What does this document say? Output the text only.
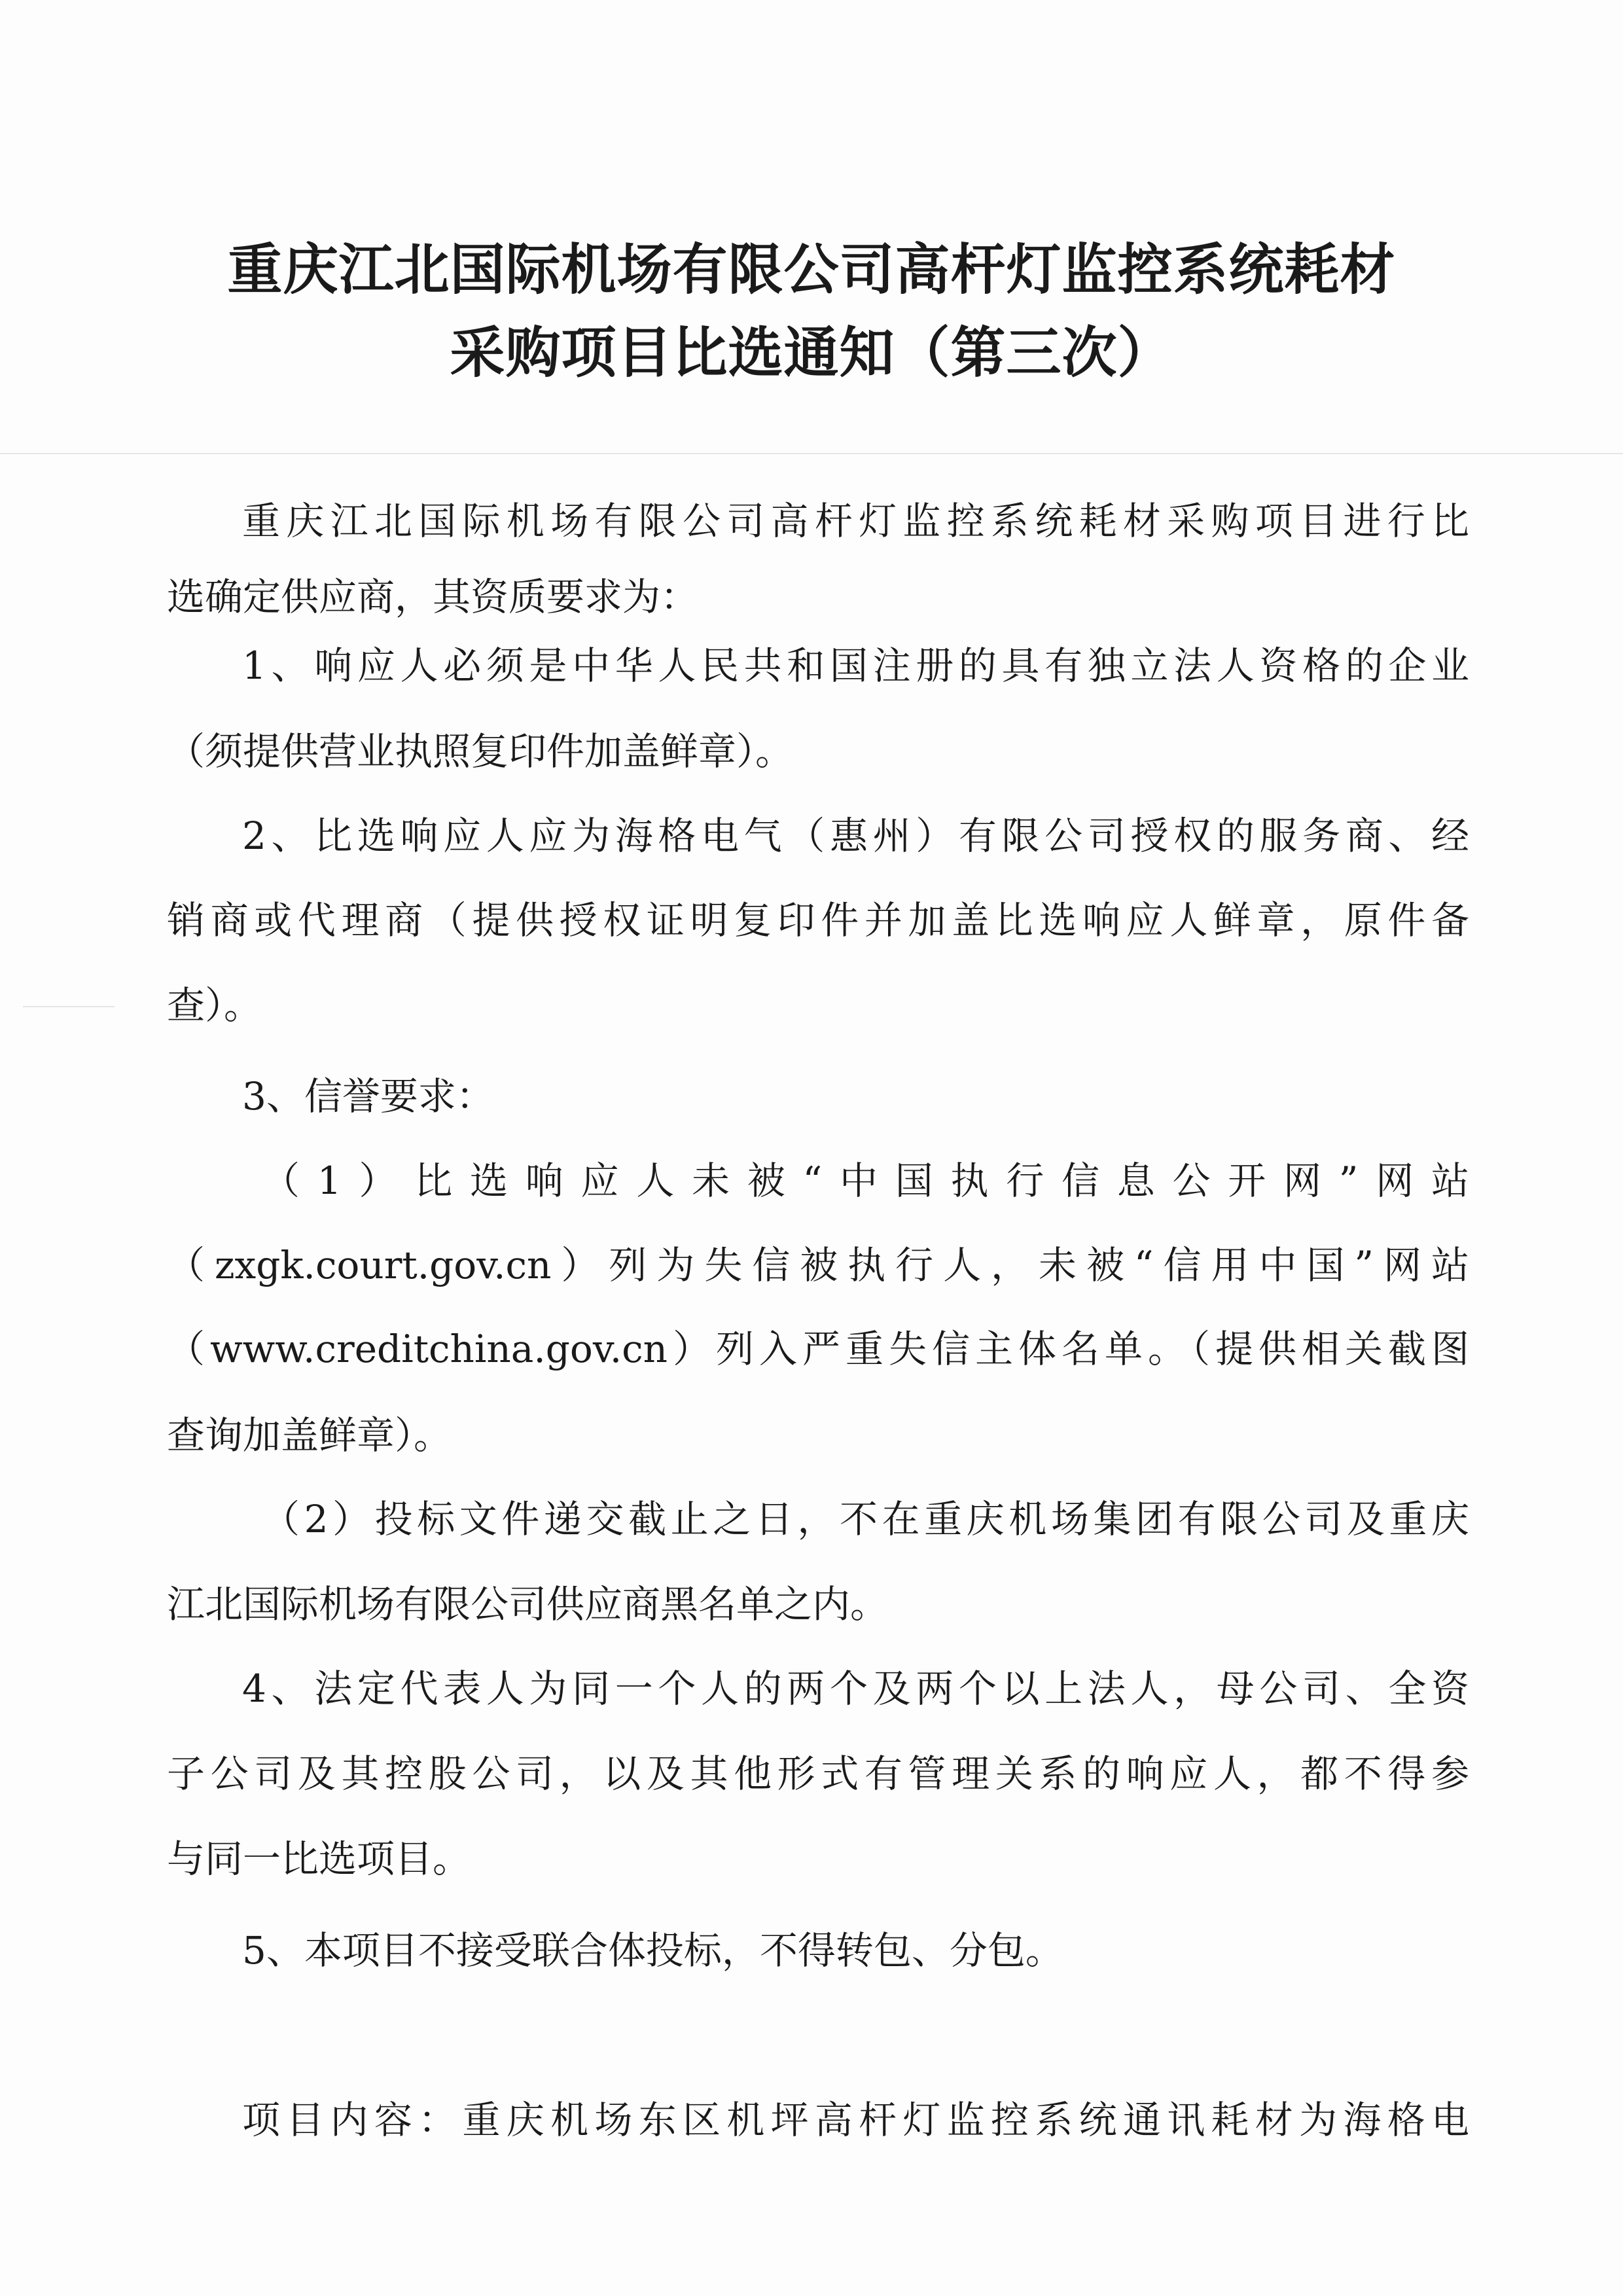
重庆江北国际机场有限公司高杆灯监控系统耗材
采购项目比选通知（第三次）
重庆江北国际机场有限公司高杆灯监控系统耗材采购项目进行比
选确定供应商，其资质要求为：
1、响应人必须是中华人民共和国注册的具有独立法人资格的企业
（须提供营业执照复印件加盖鲜章）。
2、比选响应人应为海格电气（惠州）有限公司授权的服务商、经
销商或代理商（提供授权证明复印件并加盖比选响应人鲜章，原件备
查）。
3、信誉要求：
（1）比选响应人未被“中国执行信息公开网”网站
（zxgk.court.gov.cn）列为失信被执行人，未被“信用中国”网站
（www.creditchina.gov.cn）列入严重失信主体名单。（提供相关截图
查询加盖鲜章）。
（2）投标文件递交截止之日，不在重庆机场集团有限公司及重庆
江北国际机场有限公司供应商黑名单之内。
4、法定代表人为同一个人的两个及两个以上法人，母公司、全资
子公司及其控股公司，以及其他形式有管理关系的响应人，都不得参
与同一比选项目。
5、本项目不接受联合体投标，不得转包、分包。
项目内容：重庆机场东区机坪高杆灯监控系统通讯耗材为海格电
